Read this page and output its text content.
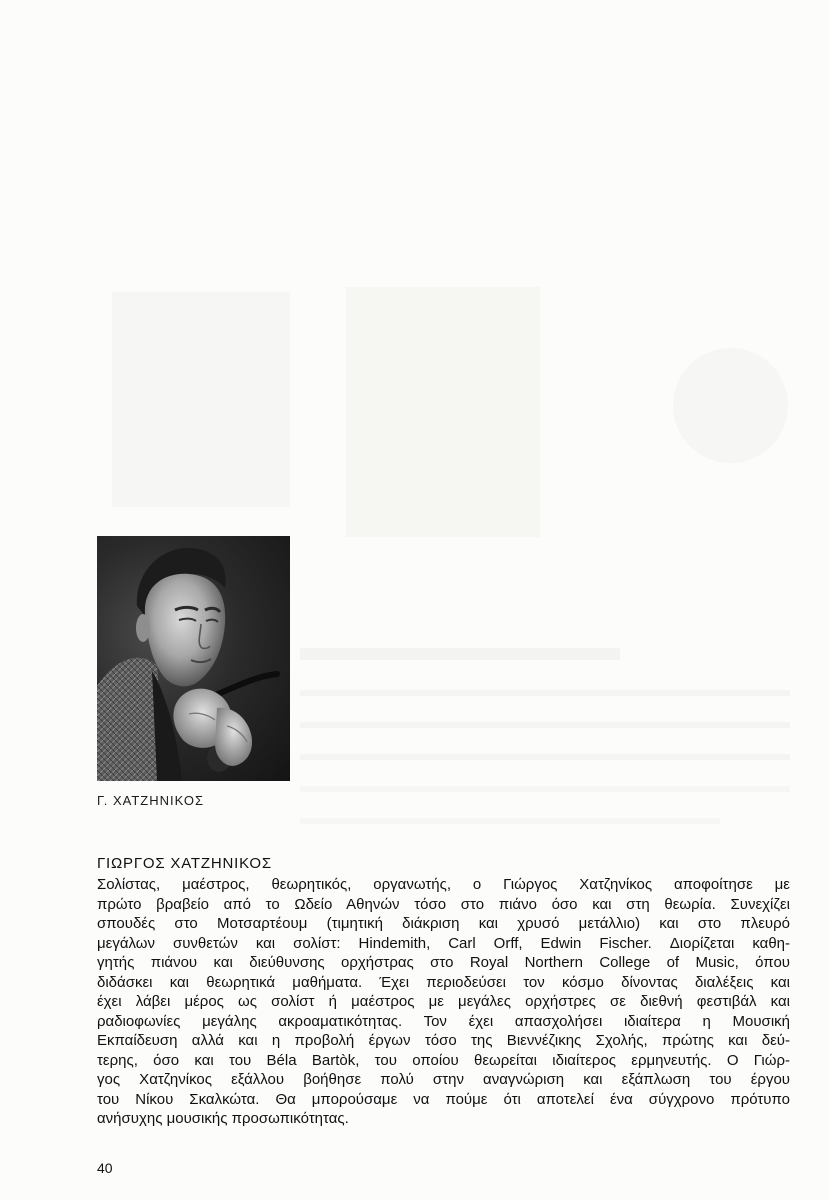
Γ. ΧΑΤΖΗΝΙΚΟΣ
ΓΙΩΡΓΟΣ ΧΑΤΖΗΝΙΚΟΣ
Σολίστας, μαέστρος, θεωρητικός, οργανωτής, ο Γιώργος Χατζηνίκος αποφοίτησε με
πρώτο βραβείο από το Ωδείο Αθηνών τόσο στο πιάνο όσο και στη θεωρία. Συνεχίζει
σπουδές στο Μοτσαρτέουμ (τιμητική διάκριση και χρυσό μετάλλιο) και στο πλευρό
μεγάλων συνθετών και σολίστ: Hindemith, Carl Orff, Edwin Fischer. Διορίζεται καθη-
γητής πιάνου και διεύθυνσης ορχήστρας στο Royal Northern College of Music, όπου
διδάσκει και θεωρητικά μαθήματα. Έχει περιοδεύσει τον κόσμο δίνοντας διαλέξεις και
έχει λάβει μέρος ως σολίστ ή μαέστρος με μεγάλες ορχήστρες σε διεθνή φεστιβάλ και
ραδιοφωνίες μεγάλης ακροαματικότητας. Τον έχει απασχολήσει ιδιαίτερα η Μουσική
Εκπαίδευση αλλά και η προβολή έργων τόσο της Βιεννέζικης Σχολής, πρώτης και δεύ-
τερης, όσο και του Béla Bartòk, του οποίου θεωρείται ιδιαίτερος ερμηνευτής. Ο Γιώρ-
γος Χατζηνίκος εξάλλου βοήθησε πολύ στην αναγνώριση και εξάπλωση του έργου
του Νίκου Σκαλκώτα. Θα μπορούσαμε να πούμε ότι αποτελεί ένα σύγχρονο πρότυπο
ανήσυχης μουσικής προσωπικότητας.
40
